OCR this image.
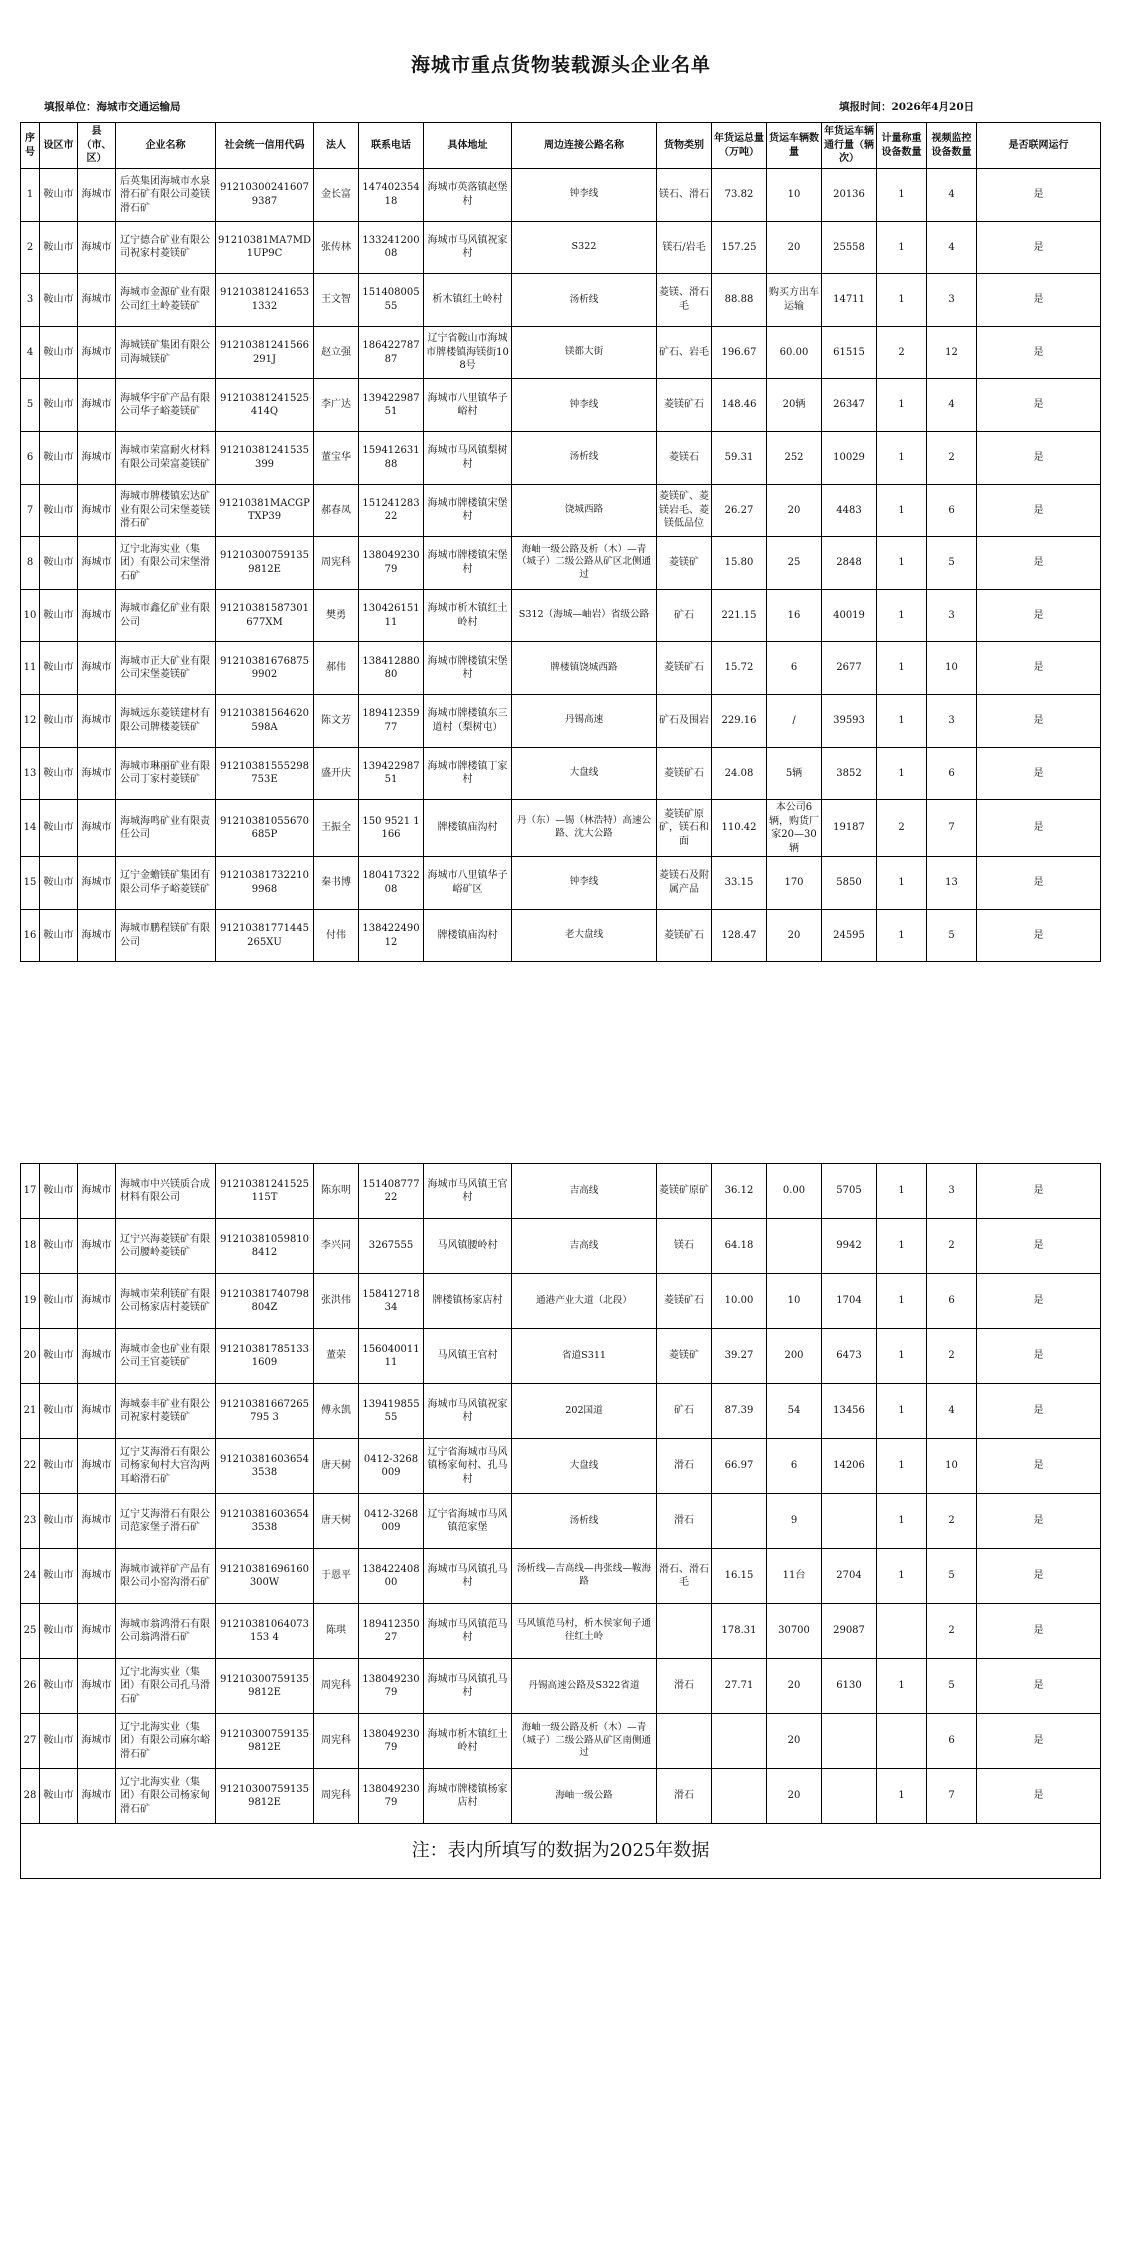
海城市重点货物装载源头企业名单
填报单位：海城市交通运输局	填报时间：2026年4月20日
序号	设区市	县（市、区）	企业名称	社会统一信用代码	法人	联系电话	具体地址	周边连接公路名称	货物类别	年货运总量（万吨）	货运车辆数量	年货运车辆通行量（辆次）	计量称重设备数量	视频监控设备数量	是否联网运行
1	鞍山市	海城市	后英集团海城市水泉滑石矿有限公司菱镁滑石矿	912103002416079387	金长富	14740235418	海城市英落镇赵堡村	钟李线	镁石、滑石	73.82	10	20136	1	4	是
2	鞍山市	海城市	辽宁德合矿业有限公司祝家村菱镁矿	91210381MA7MD1UP9C	张传林	13324120008	海城市马风镇祝家村	S322	镁石/岩毛	157.25	20	25558	1	4	是
3	鞍山市	海城市	海城市金源矿业有限公司红土岭菱镁矿	912103812416531332	王文智	15140800555	析木镇红土岭村	汤析线	菱镁、滑石毛	88.88	购买方出车运输	14711	1	3	是
4	鞍山市	海城市	海城镁矿集团有限公司海城镁矿	91210381241566291J	赵立强	18642278787	辽宁省鞍山市海城市牌楼镇海镁街108号	镁都大街	矿石、岩毛	196.67	60.00	61515	2	12	是
5	鞍山市	海城市	海城华宇矿产品有限公司华子峪菱镁矿	91210381241525414Q	李广达	13942298751	海城市八里镇华子峪村	钟李线	菱镁矿石	148.46	20辆	26347	1	4	是
6	鞍山市	海城市	海城市荣富耐火材料有限公司荣富菱镁矿	91210381241535399	董宝华	15941263188	海城市马风镇梨树村	汤析线	菱镁石	59.31	252	10029	1	2	是
7	鞍山市	海城市	海城市牌楼镇宏达矿业有限公司宋堡菱镁滑石矿	91210381MACGPTXP39	郝春凤	15124128322	海城市牌楼镇宋堡村	饶城西路	菱镁矿、菱镁岩毛、菱镁低品位	26.27	20	4483	1	6	是
8	鞍山市	海城市	辽宁北海实业（集团）有限公司宋堡滑石矿	912103007591359812E	周宪科	13804923079	海城市牌楼镇宋堡村	海岫一级公路及析（木）—青（城子）二级公路从矿区北侧通过	菱镁矿	15.80	25	2848	1	5	是
10	鞍山市	海城市	海城市鑫亿矿业有限公司	91210381587301677XM	樊勇	13042615111	海城市析木镇红土岭村	S312（海城—岫岩）省级公路	矿石	221.15	16	40019	1	3	是
11	鞍山市	海城市	海城市正大矿业有限公司宋堡菱镁矿	912103816768759902	郝伟	13841288080	海城市牌楼镇宋堡村	牌楼镇饶城西路	菱镁矿石	15.72	6	2677	1	10	是
12	鞍山市	海城市	海城远东菱镁建材有限公司牌楼菱镁矿	91210381564620598A	陈文芳	18941235977	海城市牌楼镇东三道村（梨树屯）	丹锡高速	矿石及围岩	229.16	/	39593	1	3	是
13	鞍山市	海城市	海城市琳丽矿业有限公司丁家村菱镁矿	91210381555298753E	盛开庆	13942298751	海城市牌楼镇丁家村	大盘线	菱镁矿石	24.08	5辆	3852	1	6	是
14	鞍山市	海城市	海城海鸣矿业有限责任公司	91210381055670685P	王振全	150 9521 1166	牌楼镇庙沟村	丹（东）—锡（林浩特）高速公路、沈大公路	菱镁矿原矿，镁石和面	110.42	本公司6辆，购货厂家20—30辆	19187	2	7	是
15	鞍山市	海城市	辽宁金蟾镁矿集团有限公司华子峪菱镁矿	912103817322109968	秦书博	18041732208	海城市八里镇华子峪矿区	钟李线	菱镁石及附属产品	33.15	170	5850	1	13	是
16	鞍山市	海城市	海城市鹏程镁矿有限公司	91210381771445265XU	付伟	13842249012	牌楼镇庙沟村	老大盘线	菱镁矿石	128.47	20	24595	1	5	是
17	鞍山市	海城市	海城市中兴镁质合成材料有限公司	91210381241525115T	陈东明	15140877722	海城市马风镇王官村	吉高线	菱镁矿原矿	36.12	0.00	5705	1	3	是
18	鞍山市	海城市	辽宁兴海菱镁矿有限公司腰岭菱镁矿	912103810598108412	李兴同	3267555	马风镇腰岭村	吉高线	镁石	64.18		9942	1	2	是
19	鞍山市	海城市	海城市荣利镁矿有限公司杨家店村菱镁矿	91210381740798804Z	张洪伟	15841271834	牌楼镇杨家店村	通港产业大道（北段）	菱镁矿石	10.00	10	1704	1	6	是
20	鞍山市	海城市	海城市金也矿业有限公司王官菱镁矿	912103817851331609	董荣	15604001111	马风镇王官村	省道S311	菱镁矿	39.27	200	6473	1	2	是
21	鞍山市	海城市	海城泰丰矿业有限公司祝家村菱镁矿	91210381667265795 3	傅永凯	13941985555	海城市马风镇祝家村	202国道	矿石	87.39	54	13456	1	4	是
22	鞍山市	海城市	辽宁艾海滑石有限公司杨家甸村大宫沟两耳峪滑石矿	912103816036543538	唐天树	0412-3268009	辽宁省海城市马风镇杨家甸村、孔马村	大盘线	滑石	66.97	6	14206	1	10	是
23	鞍山市	海城市	辽宁艾海滑石有限公司范家堡子滑石矿	912103816036543538	唐天树	0412-3268009	辽宁省海城市马风镇范家堡	汤析线	滑石		9		1	2	是
24	鞍山市	海城市	海城市诚祥矿产品有限公司小窑沟滑石矿	91210381696160300W	于恩平	13842240800	海城市马风镇孔马村	汤析线—吉高线—冉张线—鞍海路	滑石、滑石毛	16.15	11台	2704	1	5	是
25	鞍山市	海城市	海城市翁鸿滑石有限公司翁鸿滑石矿	91210381064073153 4	陈琪	18941235027	海城市马风镇范马村	马风镇范马村，析木侯家甸子通往红土岭		178.31	30700	29087		2	是
26	鞍山市	海城市	辽宁北海实业（集团）有限公司孔马滑石矿	912103007591359812E	周宪科	13804923079	海城市马风镇孔马村	丹锡高速公路及S322省道	滑石	27.71	20	6130	1	5	是
27	鞍山市	海城市	辽宁北海实业（集团）有限公司麻尔峪滑石矿	912103007591359812E	周宪科	13804923079	海城市析木镇红土岭村	海岫一级公路及析（木）—青（城子）二级公路从矿区南侧通过			20			6	是
28	鞍山市	海城市	辽宁北海实业（集团）有限公司杨家甸滑石矿	912103007591359812E	周宪科	13804923079	海城市牌楼镇杨家店村	海岫一级公路	滑石		20		1	7	是
注：表内所填写的数据为2025年数据															
